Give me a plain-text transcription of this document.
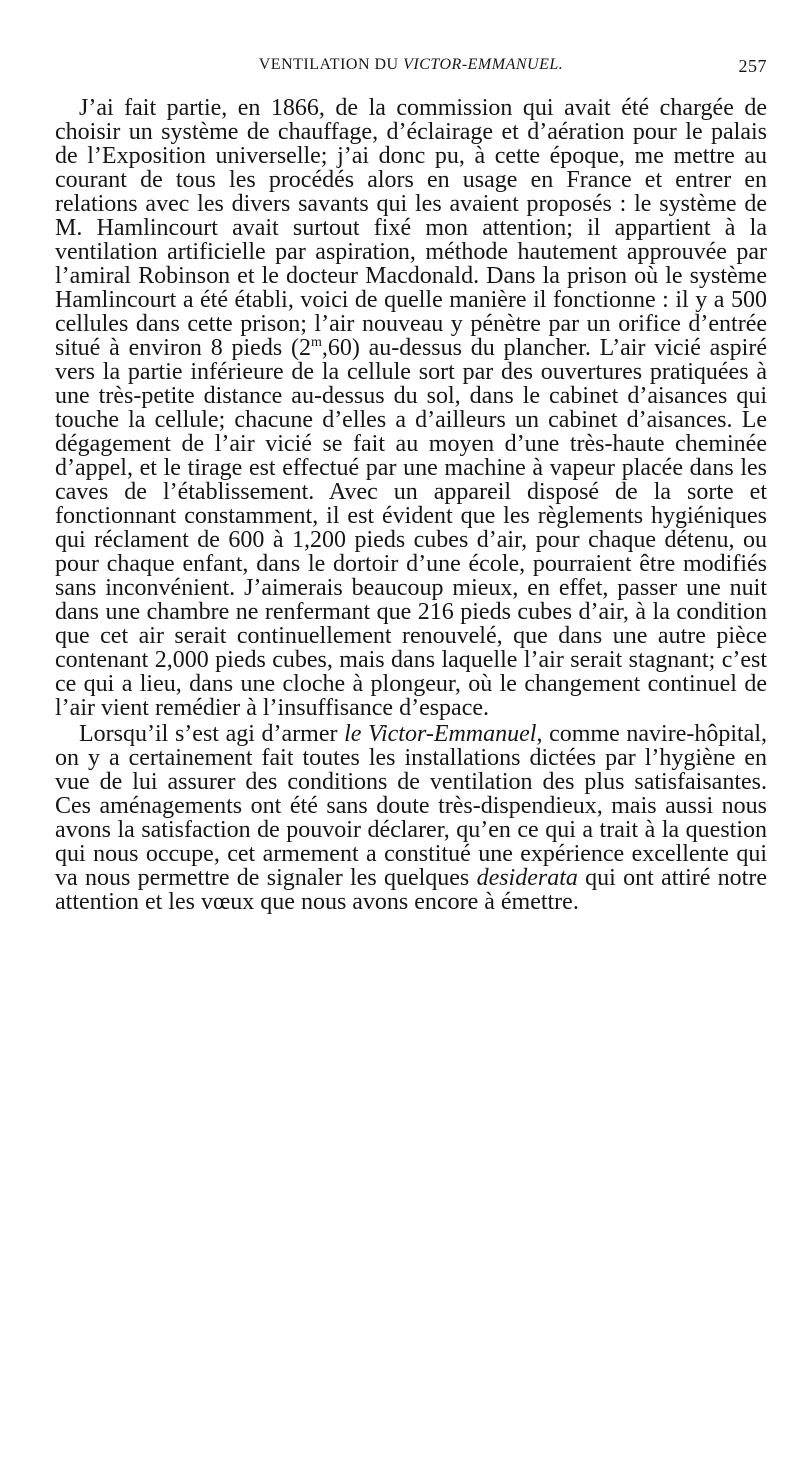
VENTILATION DU VICTOR-EMMANUEL.	257

J’ai fait partie, en 1866, de la commission qui avait été chargée de choisir un système de chauffage, d’éclairage et d’aération pour le palais de l’Exposition universelle; j’ai donc pu, à cette époque, me mettre au courant de tous les procédés alors en usage en France et entrer en relations avec les divers savants qui les avaient proposés : le système de M. Hamlincourt avait surtout fixé mon attention; il appartient à la ventilation artificielle par aspiration, méthode hautement approuvée par l’amiral Robinson et le docteur Macdonald. Dans la prison où le système Hamlincourt a été établi, voici de quelle manière il fonctionne : il y a 500 cellules dans cette prison; l’air nouveau y pénètre par un orifice d’entrée situé à environ 8 pieds (2$^m$,60) au-dessus du plancher. L’air vicié aspiré vers la partie inférieure de la cellule sort par des ouvertures pratiquées à une très-petite distance au-dessus du sol, dans le cabinet d’aisances qui touche la cellule; chacune d’elles a d’ailleurs un cabinet d’aisances. Le dégagement de l’air vicié se fait au moyen d’une très-haute cheminée d’appel, et le tirage est effectué par une machine à vapeur placée dans les caves de l’établissement. Avec un appareil disposé de la sorte et fonctionnant constamment, il est évident que les règlements hygiéniques qui réclament de 600 à 1,200 pieds cubes d’air, pour chaque détenu, ou pour chaque enfant, dans le dortoir d’une école, pourraient être modifiés sans inconvénient. J’aimerais beaucoup mieux, en effet, passer une nuit dans une chambre ne renfermant que 216 pieds cubes d’air, à la condition que cet air serait continuellement renouvelé, que dans une autre pièce contenant 2,000 pieds cubes, mais dans laquelle l’air serait stagnant; c’est ce qui a lieu, dans une cloche à plongeur, où le changement continuel de l’air vient remédier à l’insuffisance d’espace.

Lorsqu’il s’est agi d’armer le Victor-Emmanuel, comme navire-hôpital, on y a certainement fait toutes les installations dictées par l’hygiène en vue de lui assurer des conditions de ventilation des plus satisfaisantes. Ces aménagements ont été sans doute très-dispendieux, mais aussi nous avons la satisfaction de pouvoir déclarer, qu’en ce qui a trait à la question qui nous occupe, cet armement a constitué une expérience excellente qui va nous permettre de signaler les quelques desiderata qui ont attiré notre attention et les vœux que nous avons encore à émettre.
